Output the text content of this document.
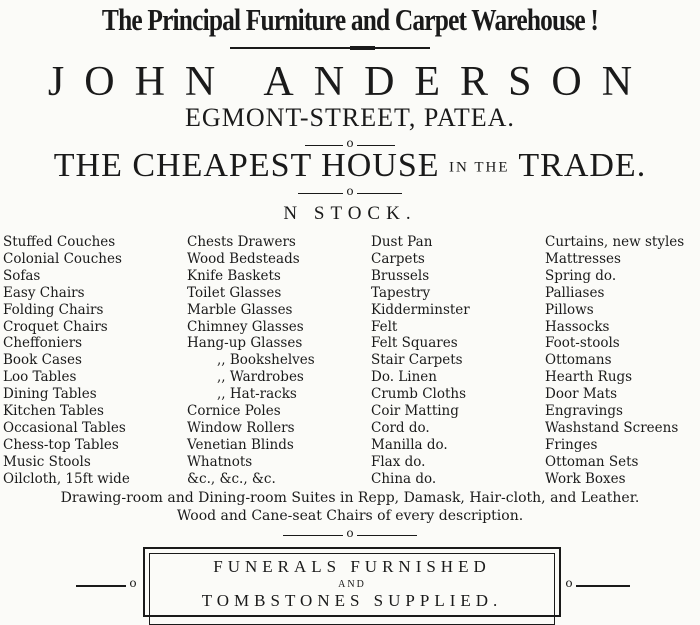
The Principal Furniture and Carpet Warehouse !
JOHN ANDERSON
EGMONT-STREET, PATEA.
o
THE CHEAPEST HOUSE IN THE TRADE.
o
N STOCK.
Stuffed Couches
Colonial Couches
Sofas
Easy Chairs
Folding Chairs
Croquet Chairs
Cheffoniers
Book Cases
Loo Tables
Dining Tables
Kitchen Tables
Occasional Tables
Chess-top Tables
Music Stools
Oilcloth, 15ft wide
Chests Drawers
Wood Bedsteads
Knife Baskets
Toilet Glasses
Marble Glasses
Chimney Glasses
Hang-up Glasses
,, Bookshelves
,, Wardrobes
,, Hat-racks
Cornice Poles
Window Rollers
Venetian Blinds
Whatnots
&c., &c., &c.
Dust Pan
Carpets
Brussels
Tapestry
Kidderminster
Felt
Felt Squares
Stair Carpets
Do. Linen
Crumb Cloths
Coir Matting
Cord do.
Manilla do.
Flax do.
China do.
Curtains, new styles
Mattresses
Spring do.
Palliases
Pillows
Hassocks
Foot-stools
Ottomans
Hearth Rugs
Door Mats
Engravings
Washstand Screens
Fringes
Ottoman Sets
Work Boxes
Drawing-room and Dining-room Suites in Repp, Damask, Hair-cloth, and Leather.
Wood and Cane-seat Chairs of every description.
o
FUNERALS FURNISHED
AND
TOMBSTONES SUPPLIED.
o	o
